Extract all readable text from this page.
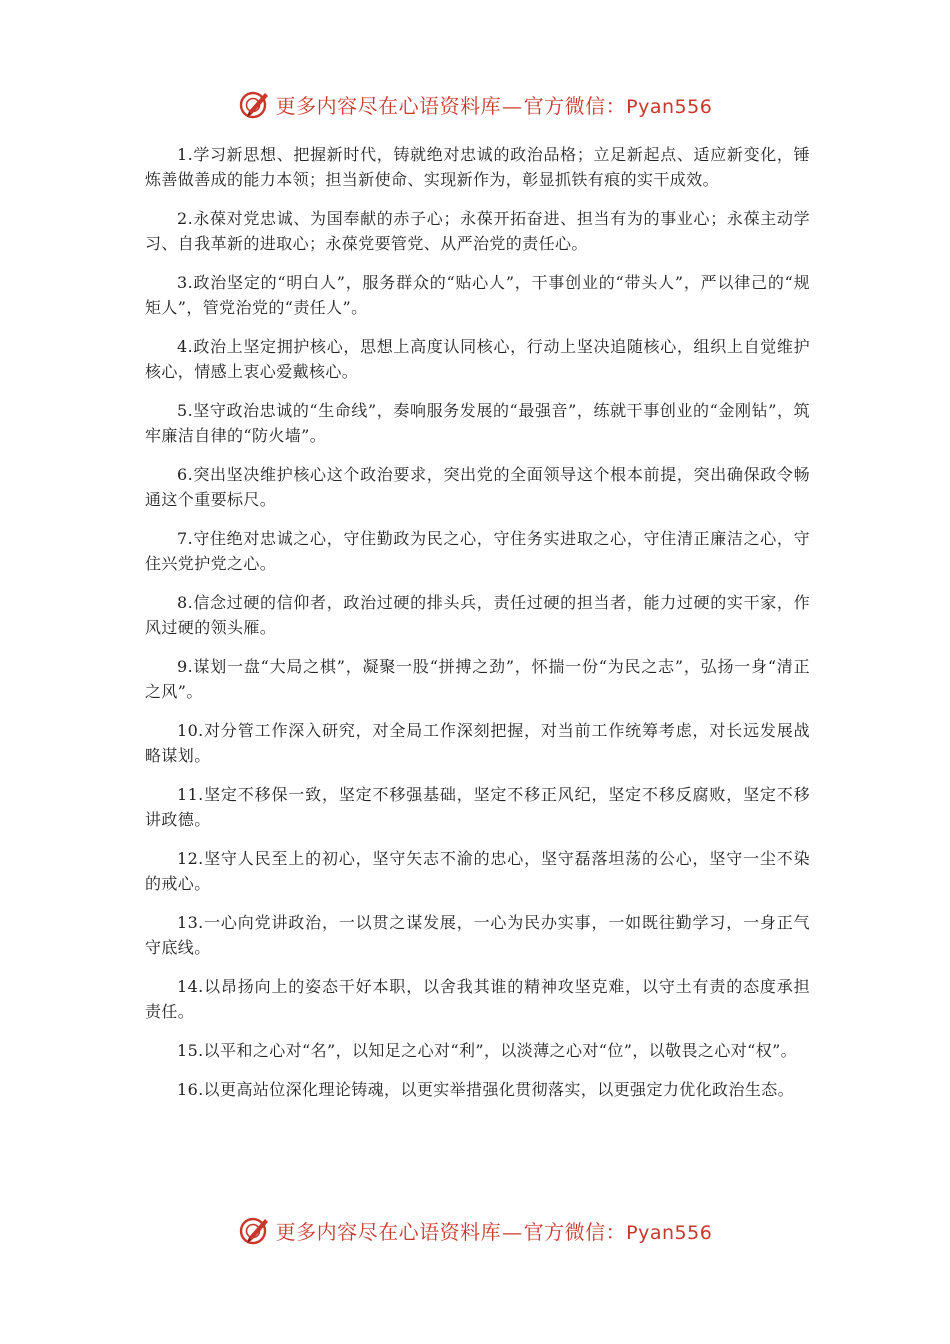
更多内容尽在心语资料库—官方微信：Pyan556

1.学习新思想、把握新时代，铸就绝对忠诚的政治品格；立足新起点、适应新变化，锤炼善做善成的能力本领；担当新使命、实现新作为，彰显抓铁有痕的实干成效。

2.永葆对党忠诚、为国奉献的赤子心；永葆开拓奋进、担当有为的事业心；永葆主动学习、自我革新的进取心；永葆党要管党、从严治党的责任心。

3.政治坚定的“明白人”，服务群众的“贴心人”，干事创业的“带头人”，严以律己的“规矩人”，管党治党的“责任人”。

4.政治上坚定拥护核心，思想上高度认同核心，行动上坚决追随核心，组织上自觉维护核心，情感上衷心爱戴核心。

5.坚守政治忠诚的“生命线”，奏响服务发展的“最强音”，练就干事创业的“金刚钻”，筑牢廉洁自律的“防火墙”。

6.突出坚决维护核心这个政治要求，突出党的全面领导这个根本前提，突出确保政令畅通这个重要标尺。

7.守住绝对忠诚之心，守住勤政为民之心，守住务实进取之心，守住清正廉洁之心，守住兴党护党之心。

8.信念过硬的信仰者，政治过硬的排头兵，责任过硬的担当者，能力过硬的实干家，作风过硬的领头雁。

9.谋划一盘“大局之棋”，凝聚一股“拼搏之劲”，怀揣一份“为民之志”，弘扬一身“清正之风”。

10.对分管工作深入研究，对全局工作深刻把握，对当前工作统筹考虑，对长远发展战略谋划。

11.坚定不移保一致，坚定不移强基础，坚定不移正风纪，坚定不移反腐败，坚定不移讲政德。

12.坚守人民至上的初心，坚守矢志不渝的忠心，坚守磊落坦荡的公心，坚守一尘不染的戒心。

13.一心向党讲政治，一以贯之谋发展，一心为民办实事，一如既往勤学习，一身正气守底线。

14.以昂扬向上的姿态干好本职，以舍我其谁的精神攻坚克难，以守土有责的态度承担责任。

15.以平和之心对“名”，以知足之心对“利”，以淡薄之心对“位”，以敬畏之心对“权”。

16.以更高站位深化理论铸魂，以更实举措强化贯彻落实，以更强定力优化政治生态。

更多内容尽在心语资料库—官方微信：Pyan556
